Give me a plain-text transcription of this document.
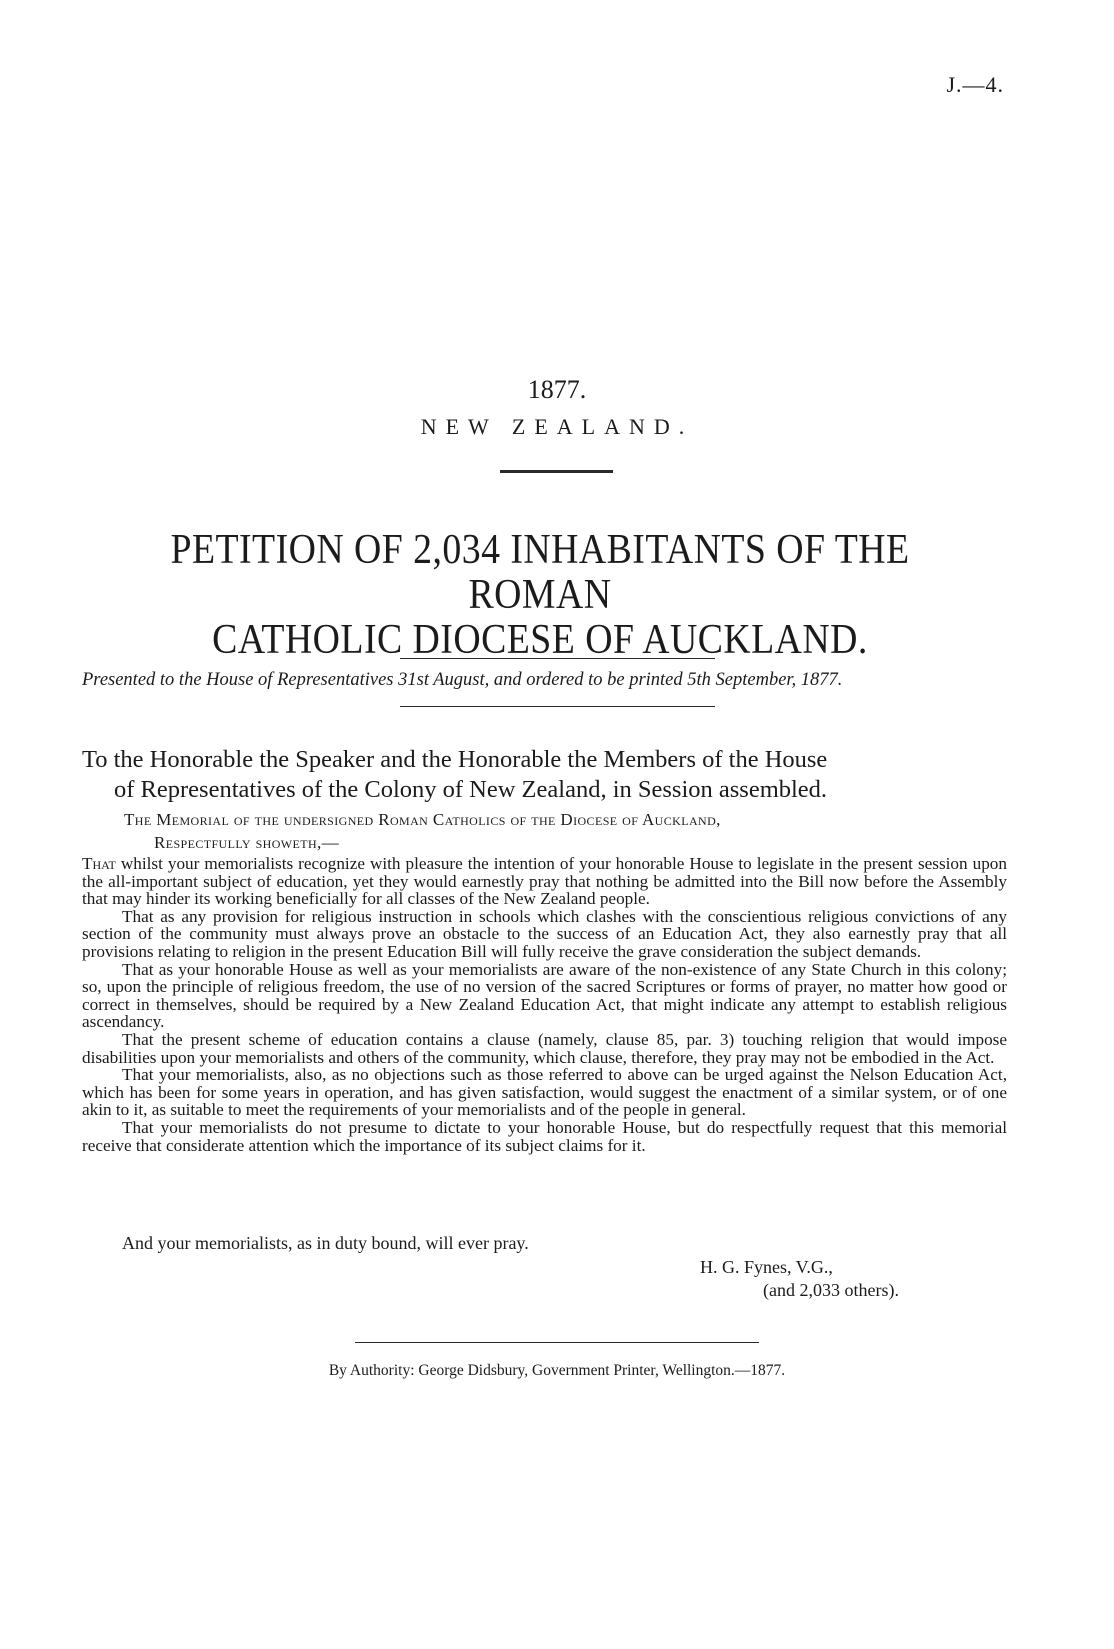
J.—4.
1877.
NEW ZEALAND.
PETITION OF 2,034 INHABITANTS OF THE ROMAN
CATHOLIC DIOCESE OF AUCKLAND.
Presented to the House of Representatives 31st August, and ordered to be printed 5th September, 1877.
To the Honorable the Speaker and the Honorable the Members of the House
of Representatives of the Colony of New Zealand, in Session assembled.
The Memorial of the undersigned Roman Catholics of the Diocese of Auckland,
Respectfully showeth,—

That whilst your memorialists recognize with pleasure the intention of your honorable House to legislate in the present session upon the all-important subject of education, yet they would earnestly pray that nothing be admitted into the Bill now before the Assembly that may hinder its working beneficially for all classes of the New Zealand people.

That as any provision for religious instruction in schools which clashes with the conscientious religious convictions of any section of the community must always prove an obstacle to the success of an Education Act, they also earnestly pray that all provisions relating to religion in the present Education Bill will fully receive the grave consideration the subject demands.

That as your honorable House as well as your memorialists are aware of the non-existence of any State Church in this colony; so, upon the principle of religious freedom, the use of no version of the sacred Scriptures or forms of prayer, no matter how good or correct in themselves, should be required by a New Zealand Education Act, that might indicate any attempt to establish religious ascendancy.

That the present scheme of education contains a clause (namely, clause 85, par. 3) touching religion that would impose disabilities upon your memorialists and others of the community, which clause, therefore, they pray may not be embodied in the Act.

That your memorialists, also, as no objections such as those referred to above can be urged against the Nelson Education Act, which has been for some years in operation, and has given satisfaction, would suggest the enactment of a similar system, or of one akin to it, as suitable to meet the requirements of your memorialists and of the people in general.

That your memorialists do not presume to dictate to your honorable House, but do respectfully request that this memorial receive that considerate attention which the importance of its subject claims for it.

And your memorialists, as in duty bound, will ever pray.
H. G. Fynes, V.G.,
(and 2,033 others).
By Authority: George Didsbury, Government Printer, Wellington.—1877.
